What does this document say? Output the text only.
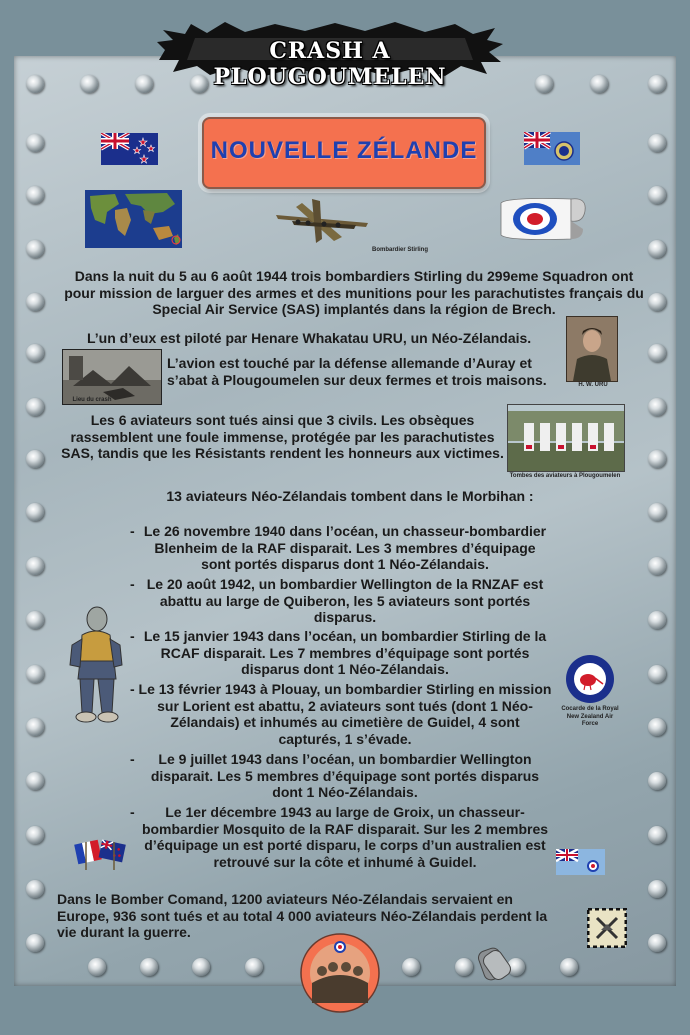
CRASH A PLOUGOUMELEN
NOUVELLE ZÉLANDE
Bombardier Stirling
Dans la nuit du 5 au 6 août 1944 trois bombardiers Stirling du 299eme Squadron ont pour mission de larguer des armes et des munitions pour les parachutistes français du Special Air Service (SAS) implantés dans la région de Brech.
L’un d’eux est piloté par Henare Whakatau URU, un Néo-Zélandais.
H. W. URU
Lieu du crash
L’avion est touché par la défense allemande d’Auray et s’abat à Plougoumelen sur deux fermes et trois maisons.
Les 6 aviateurs sont tués ainsi que 3 civils. Les obsèques rassemblent une foule immense, protégée par les parachutistes SAS, tandis que les Résistants rendent les honneurs aux victimes.
Tombes des aviateurs à Plougoumelen
13 aviateurs Néo-Zélandais tombent dans le Morbihan :
- Le 26 novembre 1940 dans l’océan, un chasseur-bombardier Blenheim de la RAF disparait. Les 3 membres d’équipage sont portés disparus dont 1 Néo-Zélandais.
- Le 20 août 1942, un bombardier Wellington de la RNZAF est abattu au large de Quiberon, les 5 aviateurs sont portés disparus.
- Le 15 janvier 1943 dans l’océan, un bombardier Stirling de la RCAF disparait. Les 7 membres d’équipage sont portés disparus dont 1 Néo-Zélandais.
- Le 13 février 1943 à Plouay, un bombardier Stirling en mission sur Lorient est abattu, 2 aviateurs sont tués (dont 1 Néo-Zélandais) et inhumés au cimetière de Guidel, 4 sont capturés, 1 s’évade.
-	Le 9 juillet 1943 dans l’océan, un bombardier Wellington disparait. Les 5 membres d’équipage sont portés disparus dont 1 Néo-Zélandais.
-	Le 1er décembre 1943 au large de Groix, un chasseur-bombardier Mosquito de la RAF disparait. Sur les 2 membres d’équipage un est porté disparu, le corps d’un australien est retrouvé sur la côte et inhumé à Guidel.
Cocarde de la Royal New Zealand Air Force
Dans le Bomber Comand, 1200 aviateurs Néo-Zélandais servaient en Europe, 936 sont tués et au total 4 000 aviateurs Néo-Zélandais perdent la vie durant la guerre.
